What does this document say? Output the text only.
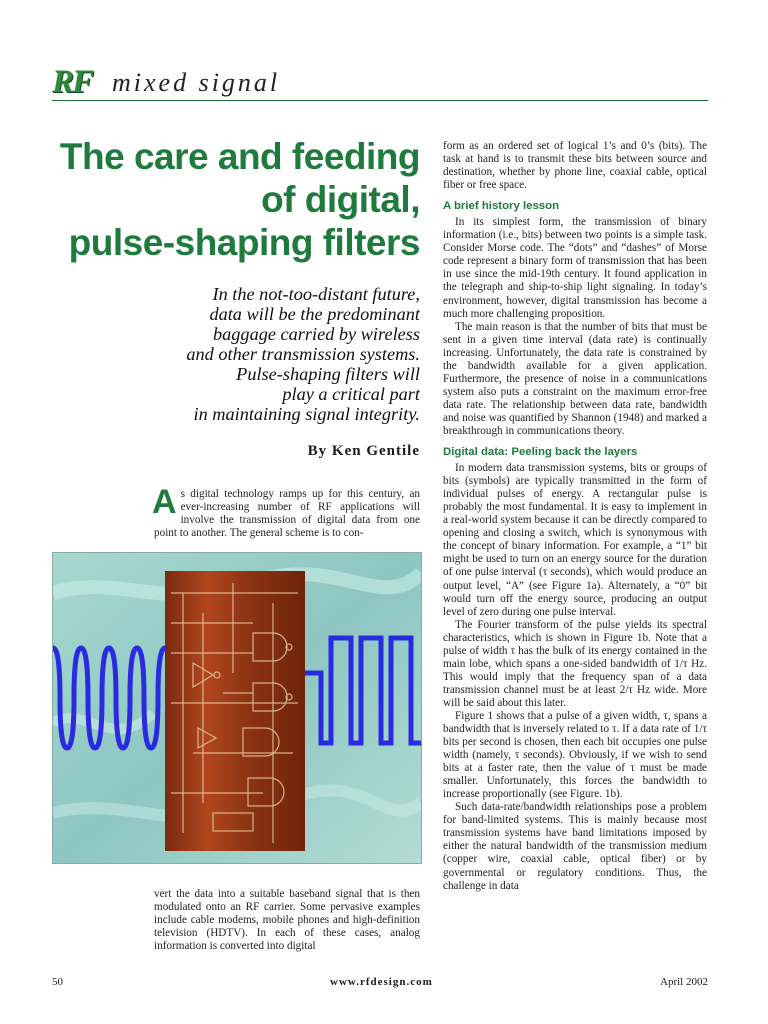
RF mixed signal
The care and feeding
of digital,
pulse-shaping filters
In the not-too-distant future,
data will be the predominant
baggage carried by wireless
and other transmission systems.
Pulse-shaping filters will
play a critical part
in maintaining signal integrity.
By Ken Gentile
As digital technology ramps up for this century, an ever-increasing number of RF applications will involve the transmission of digital data from one point to another. The general scheme is to con-
vert the data into a suitable baseband signal that is then modulated onto an RF carrier. Some pervasive examples include cable modems, mobile phones and high-definition television (HDTV). In each of these cases, analog information is converted into digital

form as an ordered set of logical 1’s and 0’s (bits). The task at hand is to transmit these bits between source and destination, whether by phone line, coaxial cable, optical fiber or free space.

A brief history lesson

In its simplest form, the transmission of binary information (i.e., bits) between two points is a simple task. Consider Morse code. The “dots” and “dashes” of Morse code represent a binary form of transmission that has been in use since the mid-19th century. It found application in the telegraph and ship-to-ship light signaling. In today’s environment, however, digital transmission has become a much more challenging proposition.

The main reason is that the number of bits that must be sent in a given time interval (data rate) is continually increasing. Unfortunately, the data rate is constrained by the bandwidth available for a given application. Furthermore, the presence of noise in a communications system also puts a constraint on the maximum error-free data rate. The relationship between data rate, bandwidth and noise was quantified by Shannon (1948) and marked a breakthrough in communications theory.

Digital data: Peeling back the layers

In modern data transmission systems, bits or groups of bits (symbols) are typically transmitted in the form of individual pulses of energy. A rectangular pulse is probably the most fundamental. It is easy to implement in a real-world system because it can be directly compared to opening and closing a switch, which is synonymous with the concept of binary information. For example, a “1” bit might be used to turn on an energy source for the duration of one pulse interval (τ seconds), which would produce an output level, “A” (see Figure 1a). Alternately, a “0” bit would turn off the energy source, producing an output level of zero during one pulse interval.

The Fourier transform of the pulse yields its spectral characteristics, which is shown in Figure 1b. Note that a pulse of width τ has the bulk of its energy contained in the main lobe, which spans a one-sided bandwidth of 1/τ Hz. This would imply that the frequency span of a data transmission channel must be at least 2/τ Hz wide. More will be said about this later.

Figure 1 shows that a pulse of a given width, τ, spans a bandwidth that is inversely related to τ. If a data rate of 1/τ bits per second is chosen, then each bit occupies one pulse width (namely, τ seconds). Obviously, if we wish to send bits at a faster rate, then the value of τ must be made smaller. Unfortunately, this forces the bandwidth to increase proportionally (see Figure. 1b).

Such data-rate/bandwidth relationships pose a problem for band-limited systems. This is mainly because most transmission systems have band limitations imposed by either the natural bandwidth of the transmission medium (copper wire, coaxial cable, optical fiber) or by governmental or regulatory conditions. Thus, the challenge in data

50	www.rfdesign.com	April 2002
